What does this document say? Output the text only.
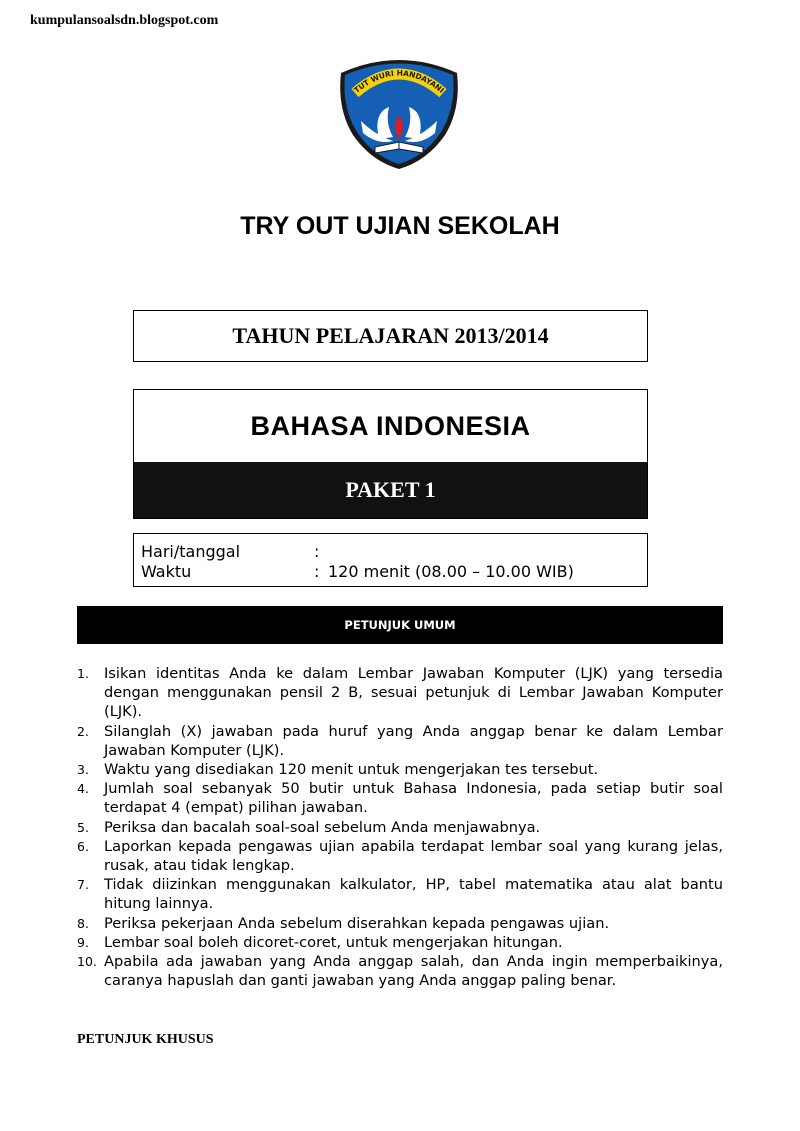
kumpulansoalsdn.blogspot.com
TUT WURI HANDAYANI
TRY OUT UJIAN SEKOLAH
TAHUN PELAJARAN 2013/2014
BAHASA INDONESIA
PAKET 1
Hari/tanggal	:
Waktu	: 120 menit (08.00 – 10.00 WIB)
PETUNJUK UMUM
1. Isikan identitas Anda ke dalam Lembar Jawaban Komputer (LJK) yang tersedia dengan menggunakan pensil 2 B, sesuai petunjuk di Lembar Jawaban Komputer (LJK).
2. Silanglah (X) jawaban pada huruf yang Anda anggap benar ke dalam Lembar Jawaban Komputer (LJK).
3. Waktu yang disediakan 120 menit untuk mengerjakan tes tersebut.
4. Jumlah soal sebanyak 50 butir untuk Bahasa Indonesia, pada setiap butir soal terdapat 4 (empat) pilihan jawaban.
5. Periksa dan bacalah soal-soal sebelum Anda menjawabnya.
6. Laporkan kepada pengawas ujian apabila terdapat lembar soal yang kurang jelas, rusak, atau tidak lengkap.
7. Tidak diizinkan menggunakan kalkulator, HP, tabel matematika atau alat bantu hitung lainnya.
8. Periksa pekerjaan Anda sebelum diserahkan kepada pengawas ujian.
9. Lembar soal boleh dicoret-coret, untuk mengerjakan hitungan.
10. Apabila ada jawaban yang Anda anggap salah, dan Anda ingin memperbaikinya, caranya hapuslah dan ganti jawaban yang Anda anggap paling benar.
PETUNJUK KHUSUS
